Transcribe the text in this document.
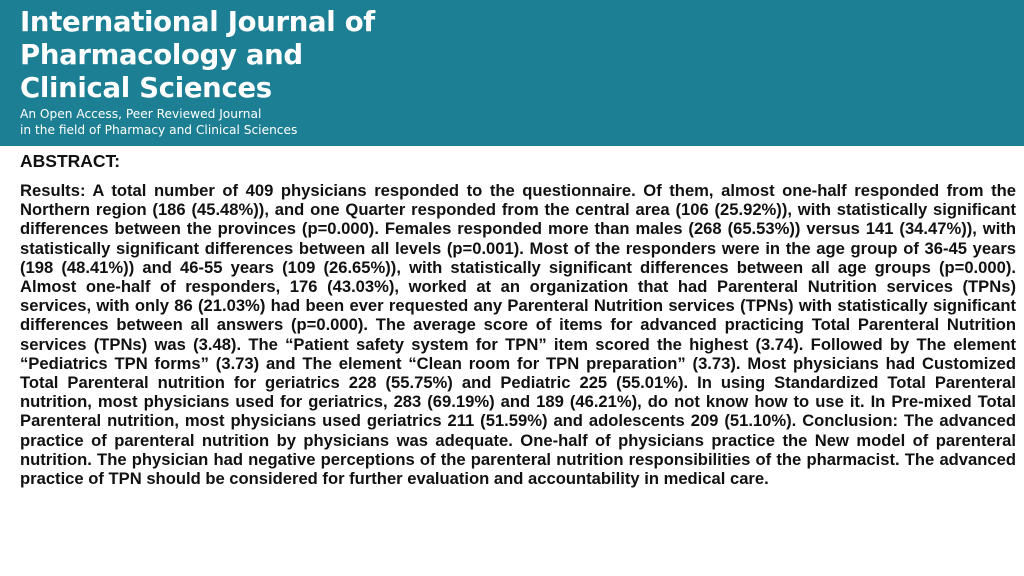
International Journal of
Pharmacology and
Clinical Sciences

An Open Access, Peer Reviewed Journal
in the field of Pharmacy and Clinical Sciences

ABSTRACT:

Results: A total number of 409 physicians responded to the questionnaire. Of them, almost one-half responded from the Northern region (186 (45.48%)), and one Quarter responded from the central area (106 (25.92%)), with statistically significant differences between the provinces (p=0.000). Females responded more than males (268 (65.53%)) versus 141 (34.47%)), with statistically significant differences between all levels (p=0.001). Most of the responders were in the age group of 36-45 years (198 (48.41%)) and 46-55 years (109 (26.65%)), with statistically significant differences between all age groups (p=0.000). Almost one-half of responders, 176 (43.03%), worked at an organization that had Parenteral Nutrition services (TPNs) services, with only 86 (21.03%) had been ever requested any Parenteral Nutrition services (TPNs) with statistically significant differences between all answers (p=0.000). The average score of items for advanced practicing Total Parenteral Nutrition services (TPNs) was (3.48). The “Patient safety system for TPN” item scored the highest (3.74). Followed by The element “Pediatrics TPN forms” (3.73) and The element “Clean room for TPN preparation” (3.73). Most physicians had Customized Total Parenteral nutrition for geriatrics 228 (55.75%) and Pediatric 225 (55.01%). In using Standardized Total Parenteral nutrition, most physicians used for geriatrics, 283 (69.19%) and 189 (46.21%), do not know how to use it. In Pre-mixed Total Parenteral nutrition, most physicians used geriatrics 211 (51.59%) and adolescents 209 (51.10%). Conclusion: The advanced practice of parenteral nutrition by physicians was adequate. One-half of physicians practice the New model of parenteral nutrition. The physician had negative perceptions of the parenteral nutrition responsibilities of the pharmacist. The advanced practice of TPN should be considered for further evaluation and accountability in medical care.
